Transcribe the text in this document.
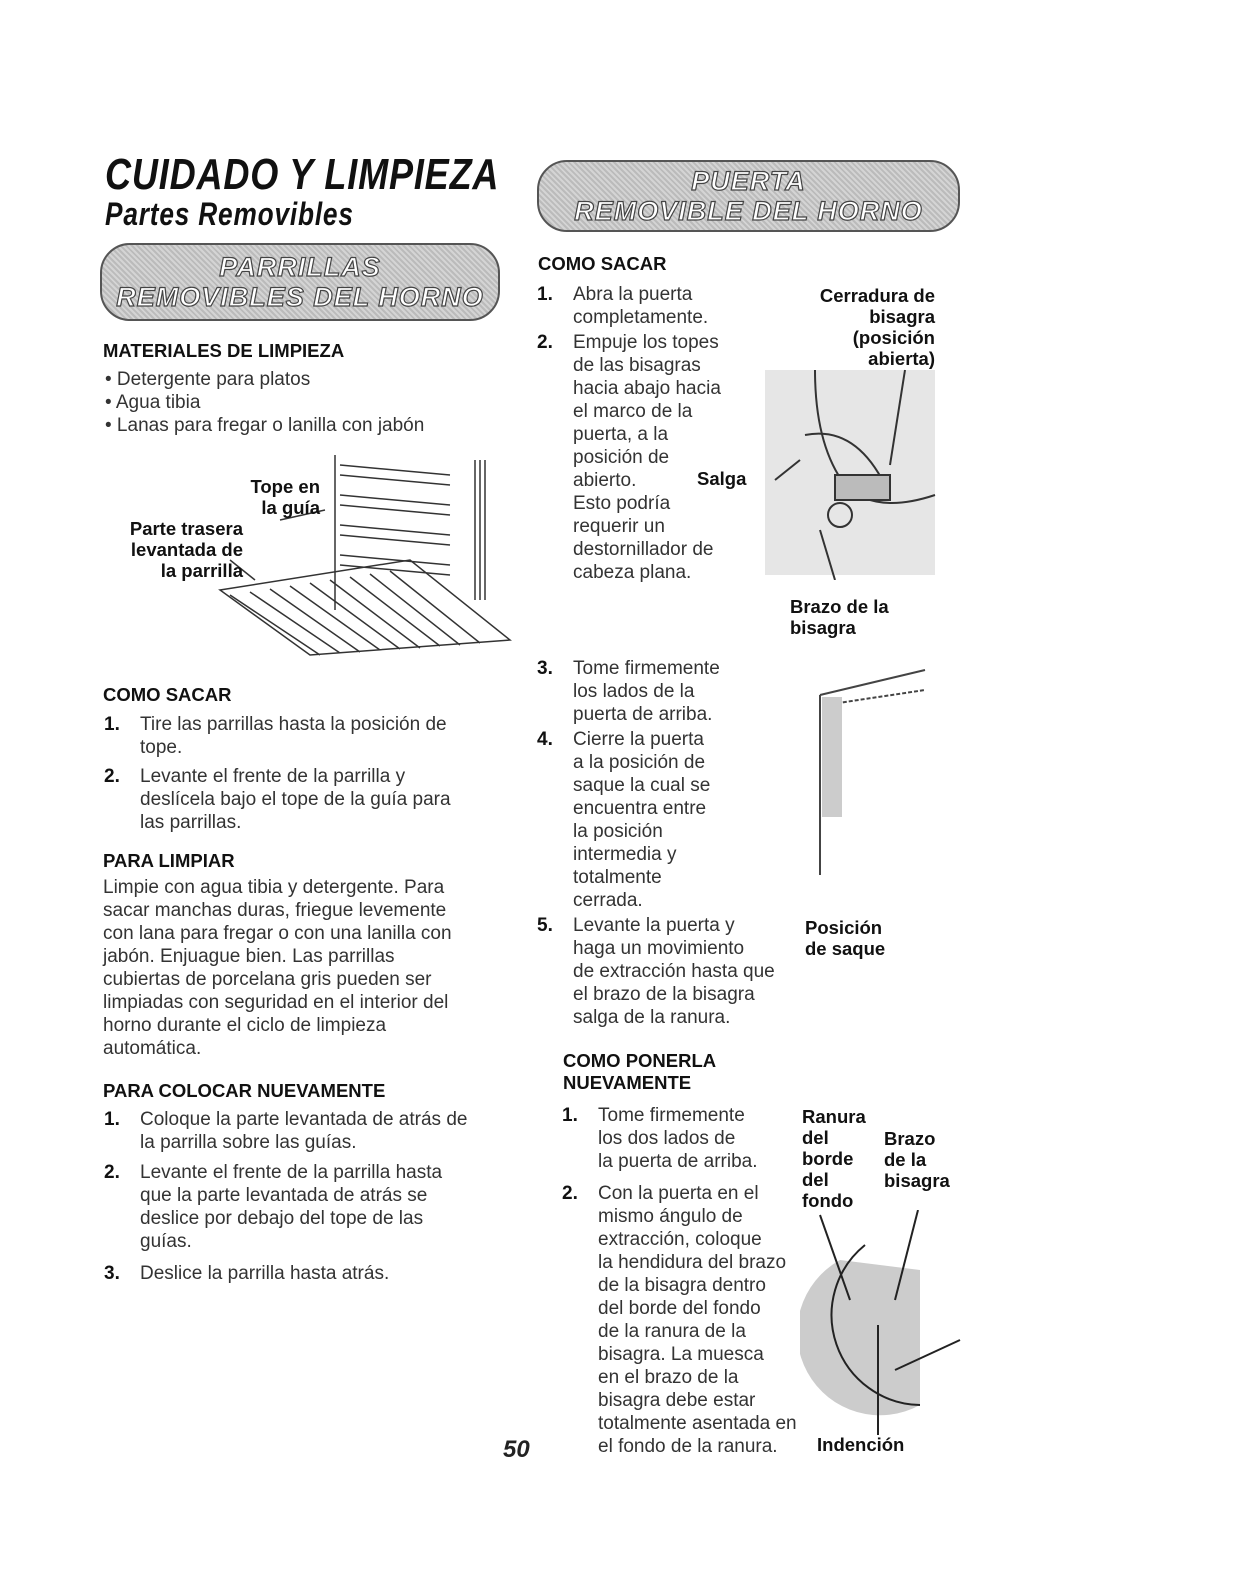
CUIDADO Y LIMPIEZA
Partes Removibles
PARRILLAS
REMOVIBLES DEL HORNO
MATERIALES DE LIMPIEZA
• Detergente para platos
• Agua tibia
• Lanas para fregar o lanilla con jabón
Tope en
la guía
Parte trasera
levantada de
la parrilla
COMO SACAR
1. Tire las parrillas hasta la posición de
tope.
2. Levante el frente de la parrilla y
deslícela bajo el tope de la guía para
las parrillas.
PARA LIMPIAR
Limpie con agua tibia y detergente. Para
sacar manchas duras, friegue levemente
con lana para fregar o con una lanilla con
jabón. Enjuague bien. Las parrillas
cubiertas de porcelana gris pueden ser
limpiadas con seguridad en el interior del
horno durante el ciclo de limpieza
automática.
PARA COLOCAR NUEVAMENTE
1. Coloque la parte levantada de atrás de
la parrilla sobre las guías.
2. Levante el frente de la parrilla hasta
que la parte levantada de atrás se
deslice por debajo del tope de las
guías.
3. Deslice la parrilla hasta atrás.
PUERTA
REMOVIBLE DEL HORNO
COMO SACAR
1. Abra la puerta
completamente.
2. Empuje los topes
de las bisagras
hacia abajo hacia
el marco de la
puerta, a la
posición de
abierto.
Esto podría
requerir un
destornillador de
cabeza plana.
3. Tome firmemente
los lados de la
puerta de arriba.
4. Cierre la puerta
a la posición de
saque la cual se
encuentra entre
la posición
intermedia y
totalmente
cerrada.
5. Levante la puerta y
haga un movimiento
de extracción hasta que
el brazo de la bisagra
salga de la ranura.
Cerradura de
bisagra
(posición
abierta)
Salga
Brazo de la
bisagra
Posición
de saque
COMO PONERLA
NUEVAMENTE
1. Tome firmemente
los dos lados de
la puerta de arriba.
2. Con la puerta en el
mismo ángulo de
extracción, coloque
la hendidura del brazo
de la bisagra dentro
del borde del fondo
de la ranura de la
bisagra. La muesca
en el brazo de la
bisagra debe estar
totalmente asentada en
el fondo de la ranura.
Ranura
del
borde
del
fondo
Brazo
de la
bisagra
Indención
50
